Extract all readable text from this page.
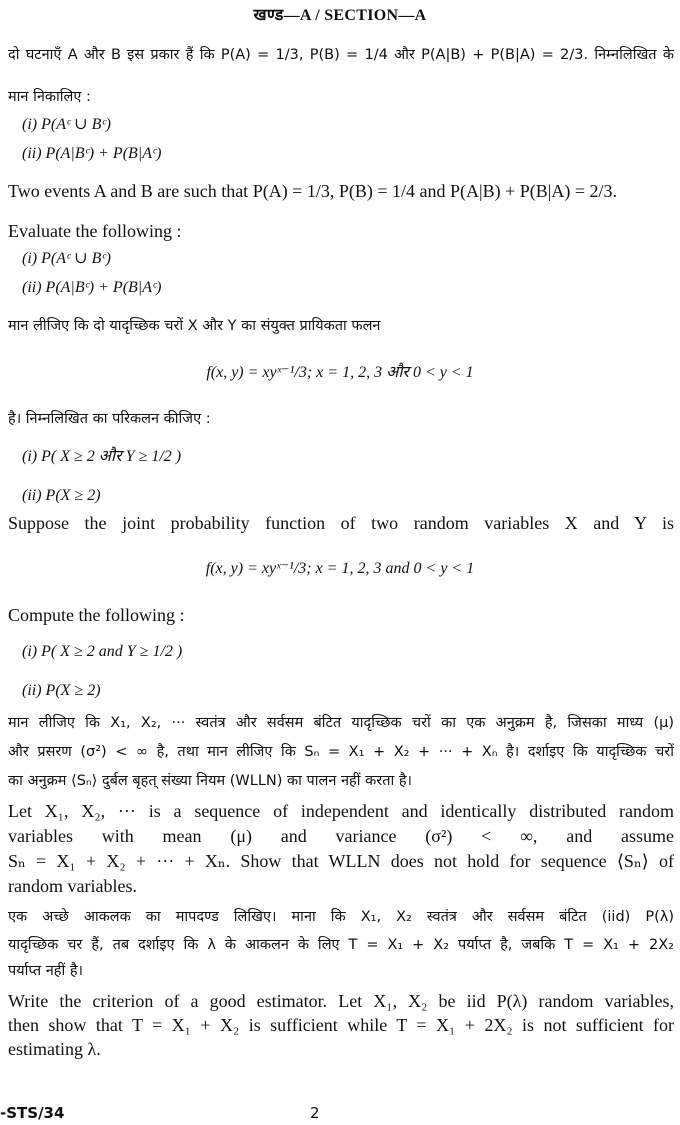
खण्ड—A / SECTION—A
दो घटनाएँ A और B इस प्रकार हैं कि P(A) = 1/3, P(B) = 1/4 और P(A|B) + P(B|A) = 2/3. निम्नलिखित के
मान निकालिए :
(i) P(Aᶜ ∪ Bᶜ)
(ii) P(A|Bᶜ) + P(B|Aᶜ)
Two events A and B are such that P(A) = 1/3, P(B) = 1/4 and P(A|B) + P(B|A) = 2/3.
Evaluate the following :
(i) P(Aᶜ ∪ Bᶜ)
(ii) P(A|Bᶜ) + P(B|Aᶜ)
मान लीजिए कि दो यादृच्छिक चरों X और Y का संयुक्त प्रायिकता फलन
f(x, y) = xyˣ⁻¹/3; x = 1, 2, 3 और 0 < y < 1
है। निम्नलिखित का परिकलन कीजिए :
(i) P( X ≥ 2 और Y ≥ 1/2 )
(ii) P(X ≥ 2)
Suppose the joint probability function of two random variables X and Y is
f(x, y) = xyˣ⁻¹/3; x = 1, 2, 3 and 0 < y < 1
Compute the following :
(i) P( X ≥ 2 and Y ≥ 1/2 )
(ii) P(X ≥ 2)
मान लीजिए कि X₁, X₂, ··· स्वतंत्र और सर्वसम बंटित यादृच्छिक चरों का एक अनुक्रम है, जिसका माध्य (μ)
और प्रसरण (σ²) < ∞ है, तथा मान लीजिए कि Sₙ = X₁ + X₂ + ··· + Xₙ है। दर्शाइए कि यादृच्छिक चरों
का अनुक्रम ⟨Sₙ⟩ दुर्बल बृहत् संख्या नियम (WLLN) का पालन नहीं करता है।
Let X₁, X₂, ··· is a sequence of independent and identically distributed random
variables with mean (μ) and variance (σ²) < ∞, and assume
Sₙ = X₁ + X₂ + ··· + Xₙ. Show that WLLN does not hold for sequence ⟨Sₙ⟩ of
random variables.
एक अच्छे आकलक का मापदण्ड लिखिए। माना कि X₁, X₂ स्वतंत्र और सर्वसम बंटित (iid) P(λ)
यादृच्छिक चर हैं, तब दर्शाइए कि λ के आकलन के लिए T = X₁ + X₂ पर्याप्त है, जबकि T = X₁ + 2X₂
पर्याप्त नहीं है।
Write the criterion of a good estimator. Let X₁, X₂ be iid P(λ) random variables,
then show that T = X₁ + X₂ is sufficient while T = X₁ + 2X₂ is not sufficient for
estimating λ.
-STS/34	2
